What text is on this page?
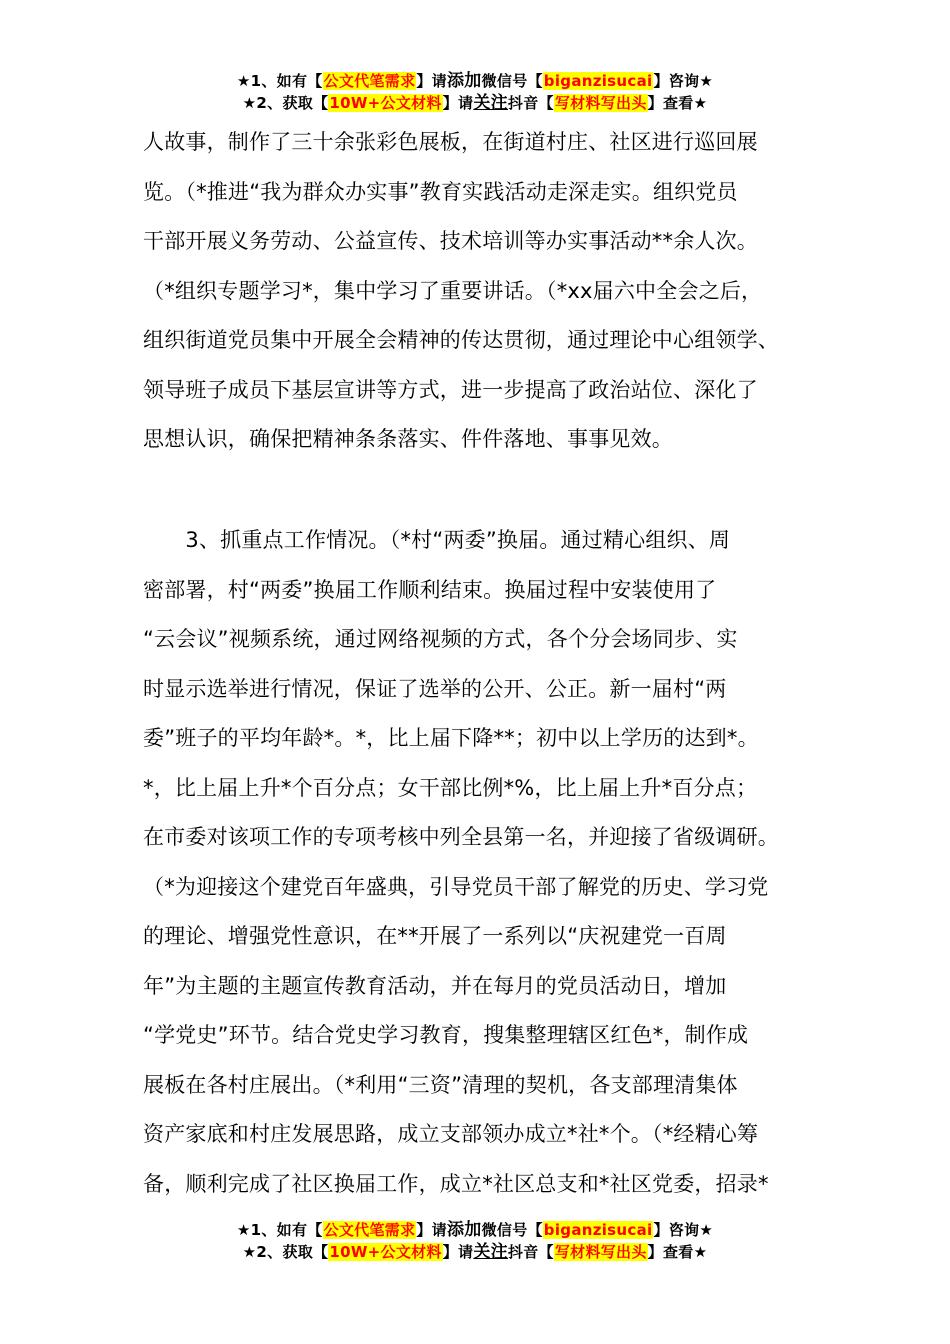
★1、如有【公文代笔需求】请添加微信号【biganzisucai】咨询★
★2、获取【10W+公文材料】请关注抖音【写材料写出头】查看★
人故事，制作了三十余张彩色展板，在街道村庄、社区进行巡回展
览。（*推进“我为群众办实事”教育实践活动走深走实。组织党员
干部开展义务劳动、公益宣传、技术培训等办实事活动**余人次。
（*组织专题学习*，集中学习了重要讲话。（*xx届六中全会之后，
组织街道党员集中开展全会精神的传达贯彻，通过理论中心组领学、
领导班子成员下基层宣讲等方式，进一步提高了政治站位、深化了
思想认识，确保把精神条条落实、件件落地、事事见效。
　　3、抓重点工作情况。（*村“两委”换届。通过精心组织、周
密部署，村“两委”换届工作顺利结束。换届过程中安装使用了
“云会议”视频系统，通过网络视频的方式，各个分会场同步、实
时显示选举进行情况，保证了选举的公开、公正。新一届村“两
委”班子的平均年龄*。*，比上届下降**；初中以上学历的达到*。
*，比上届上升*个百分点；女干部比例*%，比上届上升*百分点；
在市委对该项工作的专项考核中列全县第一名，并迎接了省级调研。
（*为迎接这个建党百年盛典，引导党员干部了解党的历史、学习党
的理论、增强党性意识，在**开展了一系列以“庆祝建党一百周
年”为主题的主题宣传教育活动，并在每月的党员活动日，增加
“学党史”环节。结合党史学习教育，搜集整理辖区红色*，制作成
展板在各村庄展出。（*利用“三资”清理的契机，各支部理清集体
资产家底和村庄发展思路，成立支部领办成立*社*个。（*经精心筹
备，顺利完成了社区换届工作，成立*社区总支和*社区党委，招录*
★1、如有【公文代笔需求】请添加微信号【biganzisucai】咨询★
★2、获取【10W+公文材料】请关注抖音【写材料写出头】查看★
